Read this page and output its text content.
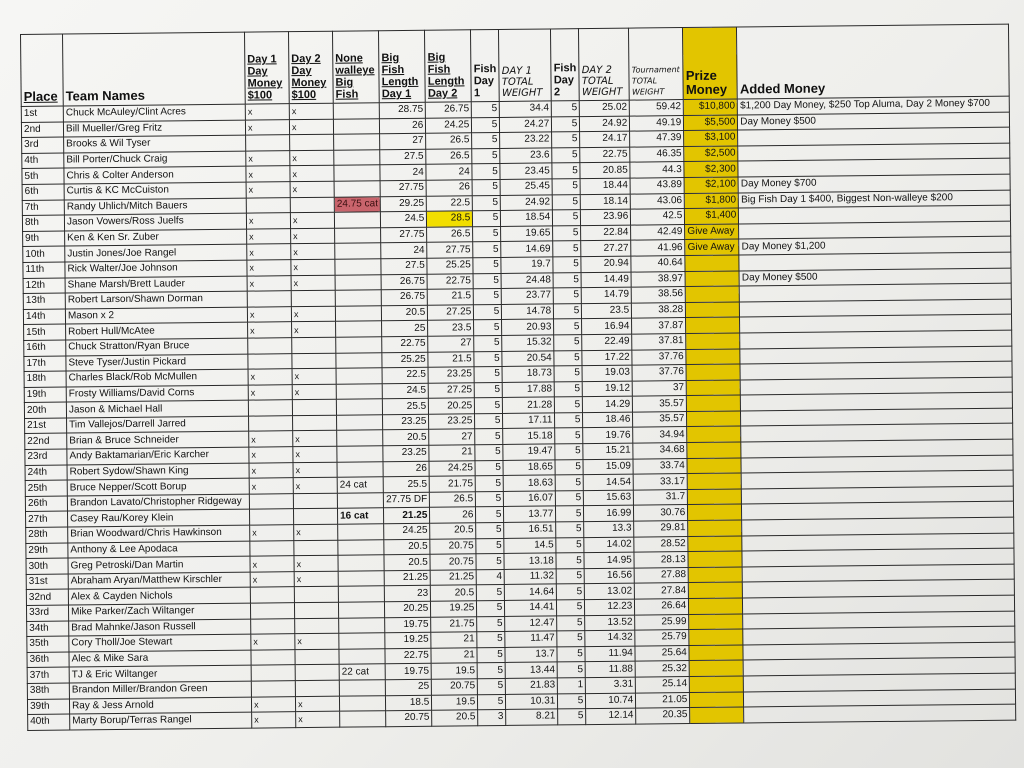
Place	Team Names	Day 1 Day Money $100	Day 2 Day Money $100	None walleye Big Fish	Big Fish Length Day 1	Big Fish Length Day 2	Fish Day 1	DAY 1 TOTAL WEIGHT	Fish Day 2	DAY 2 TOTAL WEIGHT	Tournament TOTAL WEIGHT	Prize Money	Added Money
1st	Chuck McAuley/Clint Acres	x	x		28.75	26.75	5	34.4	5	25.02	59.42	$10,800	$1,200 Day Money, $250 Top Aluma, Day 2 Money $700
2nd	Bill Mueller/Greg Fritz	x	x		26	24.25	5	24.27	5	24.92	49.19	$5,500	Day Money $500
3rd	Brooks & Wil Tyser				27	26.5	5	23.22	5	24.17	47.39	$3,100	
4th	Bill Porter/Chuck Craig	x	x		27.5	26.5	5	23.6	5	22.75	46.35	$2,500	
5th	Chris & Colter Anderson	x	x		24	24	5	23.45	5	20.85	44.3	$2,300	
6th	Curtis & KC McCuiston	x	x		27.75	26	5	25.45	5	18.44	43.89	$2,100	Day Money $700
7th	Randy Uhlich/Mitch Bauers			24.75 cat	29.25	22.5	5	24.92	5	18.14	43.06	$1,800	Big Fish Day 1 $400, Biggest Non-walleye $200
8th	Jason Vowers/Ross Juelfs	x	x		24.5	28.5	5	18.54	5	23.96	42.5	$1,400	
9th	Ken & Ken Sr. Zuber	x	x		27.75	26.5	5	19.65	5	22.84	42.49	Give Away	
10th	Justin Jones/Joe Rangel	x	x		24	27.75	5	14.69	5	27.27	41.96	Give Away	Day Money $1,200
11th	Rick Walter/Joe Johnson	x	x		27.5	25.25	5	19.7	5	20.94	40.64		
12th	Shane Marsh/Brett Lauder	x	x		26.75	22.75	5	24.48	5	14.49	38.97		Day Money $500
13th	Robert Larson/Shawn Dorman				26.75	21.5	5	23.77	5	14.79	38.56		
14th	Mason x 2	x	x		20.5	27.25	5	14.78	5	23.5	38.28		
15th	Robert Hull/McAtee	x	x		25	23.5	5	20.93	5	16.94	37.87		
16th	Chuck Stratton/Ryan Bruce				22.75	27	5	15.32	5	22.49	37.81		
17th	Steve Tyser/Justin Pickard				25.25	21.5	5	20.54	5	17.22	37.76		
18th	Charles Black/Rob McMullen	x	x		22.5	23.25	5	18.73	5	19.03	37.76		
19th	Frosty Williams/David Corns	x	x		24.5	27.25	5	17.88	5	19.12	37		
20th	Jason & Michael Hall				25.5	20.25	5	21.28	5	14.29	35.57		
21st	Tim Vallejos/Darrell Jarred				23.25	23.25	5	17.11	5	18.46	35.57		
22nd	Brian & Bruce Schneider	x	x		20.5	27	5	15.18	5	19.76	34.94		
23rd	Andy Baktamarian/Eric Karcher	x	x		23.25	21	5	19.47	5	15.21	34.68		
24th	Robert Sydow/Shawn King	x	x		26	24.25	5	18.65	5	15.09	33.74		
25th	Bruce Nepper/Scott Borup	x	x	24 cat	25.5	21.75	5	18.63	5	14.54	33.17		
26th	Brandon Lavato/Christopher Ridgeway				27.75 DF	26.5	5	16.07	5	15.63	31.7		
27th	Casey Rau/Korey Klein			16 cat	21.25	26	5	13.77	5	16.99	30.76		
28th	Brian Woodward/Chris Hawkinson	x	x		24.25	20.5	5	16.51	5	13.3	29.81		
29th	Anthony & Lee Apodaca				20.5	20.75	5	14.5	5	14.02	28.52		
30th	Greg Petroski/Dan Martin	x	x		20.5	20.75	5	13.18	5	14.95	28.13		
31st	Abraham Aryan/Matthew Kirschler	x	x		21.25	21.25	4	11.32	5	16.56	27.88		
32nd	Alex & Cayden Nichols				23	20.5	5	14.64	5	13.02	27.84		
33rd	Mike Parker/Zach Wiltanger				20.25	19.25	5	14.41	5	12.23	26.64		
34th	Brad Mahnke/Jason Russell				19.75	21.75	5	12.47	5	13.52	25.99		
35th	Cory Tholl/Joe Stewart	x	x		19.25	21	5	11.47	5	14.32	25.79		
36th	Alec & Mike Sara				22.75	21	5	13.7	5	11.94	25.64		
37th	TJ & Eric Wiltanger			22 cat	19.75	19.5	5	13.44	5	11.88	25.32		
38th	Brandon Miller/Brandon Green				25	20.75	5	21.83	1	3.31	25.14		
39th	Ray & Jess Arnold	x	x		18.5	19.5	5	10.31	5	10.74	21.05		
40th	Marty Borup/Terras Rangel	x	x		20.75	20.5	3	8.21	5	12.14	20.35		
